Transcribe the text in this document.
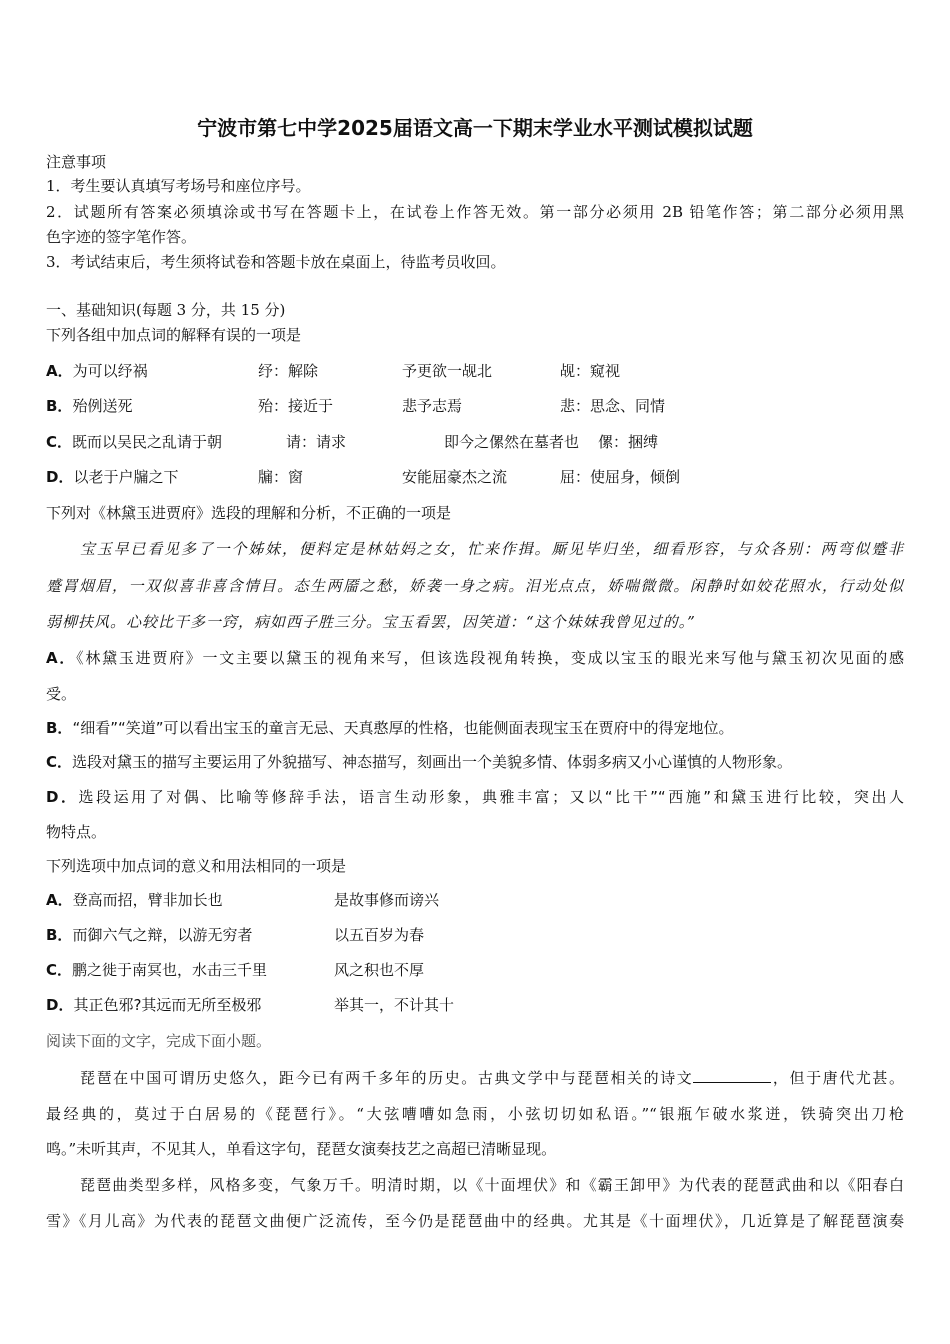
宁波市第七中学2025届语文高一下期末学业水平测试模拟试题
注意事项
1．考生要认真填写考场号和座位序号。
2．试题所有答案必须填涂或书写在答题卡上，在试卷上作答无效。第一部分必须用 2B 铅笔作答；第二部分必须用黑
色字迹的签字笔作答。
3．考试结束后，考生须将试卷和答题卡放在桌面上，待监考员收回。
一、基础知识(每题 3 分，共 15 分)
下列各组中加点词的解释有误的一项是
A．为可以纾祸	纾：解除	予更欲一觇北	觇：窥视
B．殆例送死	殆：接近于	悲予志焉	悲：思念、同情
C．既而以吴民之乱请于朝	请：请求	即今之傫然在墓者也 傫：捆缚
D．以老于户牖之下	牖：窗	安能屈豪杰之流	屈：使屈身，倾倒
下列对《林黛玉进贾府》选段的理解和分析，不正确的一项是
宝玉早已看见多了一个姊妹，便料定是林姑妈之女，忙来作揖。厮见毕归坐，细看形容，与众各别：两弯似蹙非
蹙罥烟眉，一双似喜非喜含情目。态生两靥之愁，娇袭一身之病。泪光点点，娇喘微微。闲静时如姣花照水，行动处似
弱柳扶风。心较比干多一窍，病如西子胜三分。宝玉看罢，因笑道：“这个妹妹我曾见过的。”
A．《林黛玉进贾府》一文主要以黛玉的视角来写，但该选段视角转换，变成以宝玉的眼光来写他与黛玉初次见面的感
受。
B．“细看”“笑道”可以看出宝玉的童言无忌、天真憨厚的性格，也能侧面表现宝玉在贾府中的得宠地位。
C．选段对黛玉的描写主要运用了外貌描写、神态描写，刻画出一个美貌多情、体弱多病又小心谨慎的人物形象。
D．选段运用了对偶、比喻等修辞手法，语言生动形象，典雅丰富；又以“比干”“西施”和黛玉进行比较，突出人
物特点。
下列选项中加点词的意义和用法相同的一项是
A．登高而招，臂非加长也	是故事修而谤兴
B．而御六气之辩，以游无穷者	以五百岁为春
C．鹏之徙于南冥也，水击三千里	风之积也不厚
D．其正色邪?其远而无所至极邪	举其一，不计其十
阅读下面的文字，完成下面小题。
琵琶在中国可谓历史悠久，距今已有两千多年的历史。古典文学中与琵琶相关的诗文	，但于唐代尤甚。
最经典的，莫过于白居易的《琵琶行》。“大弦嘈嘈如急雨，小弦切切如私语。”“银瓶乍破水浆迸，铁骑突出刀枪
鸣。”未听其声，不见其人，单看这字句，琵琶女演奏技艺之高超已清晰显现。
琵琶曲类型多样，风格多变，气象万千。明清时期，以《十面埋伏》和《霸王卸甲》为代表的琵琶武曲和以《阳春白
雪》《月儿高》为代表的琵琶文曲便广泛流传，至今仍是琵琶曲中的经典。尤其是《十面埋伏》，几近算是了解琵琶演奏
